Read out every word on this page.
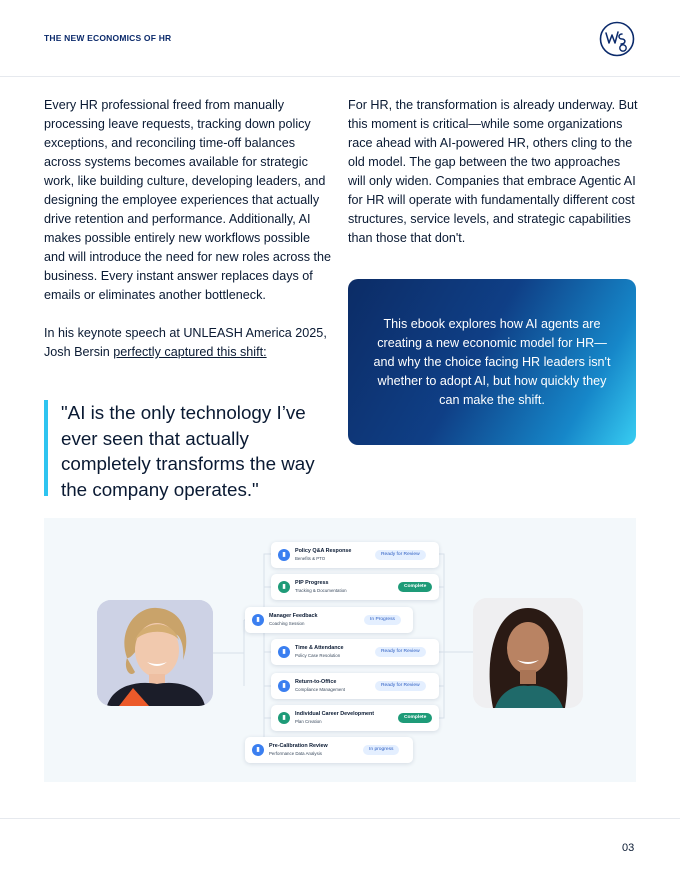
THE NEW ECONOMICS OF HR

Every HR professional freed from manually processing leave requests, tracking down policy exceptions, and reconciling time-off balances across systems becomes available for strategic work, like building culture, developing leaders, and designing the employee experiences that actually drive retention and performance. Additionally, AI makes possible entirely new workflows possible and will introduce the need for new roles across the business. Every instant answer replaces days of emails or eliminates another bottleneck.

In his keynote speech at UNLEASH America 2025, Josh Bersin perfectly captured this shift:

"AI is the only technology I’ve ever seen that actually completely transforms the way the company operates."

For HR, the transformation is already underway. But this moment is critical—while some organizations race ahead with AI-powered HR, others cling to the old model. The gap between the two approaches will only widen. Companies that embrace Agentic AI for HR will operate with fundamentally different cost structures, service levels, and strategic capabilities than those that don't.

This ebook explores how AI agents are creating a new economic model for HR—and why the choice facing HR leaders isn't whether to adopt AI, but how quickly they can make the shift.
▮
Policy Q&A Response
Benefits & PTO
Ready for Review
▮
PIP Progress
Tracking & Documentation
Complete
▮
Manager Feedback
Coaching Session
In Progress
▮
Time & Attendance
Policy Case Resolution
Ready for Review
▮
Return-to-Office
Compliance Management
Ready for Review
▮
Individual Career Development
Plan Creation
Complete
▮
Pre-Calibration Review
Performance Data Analysis
In progress
03
